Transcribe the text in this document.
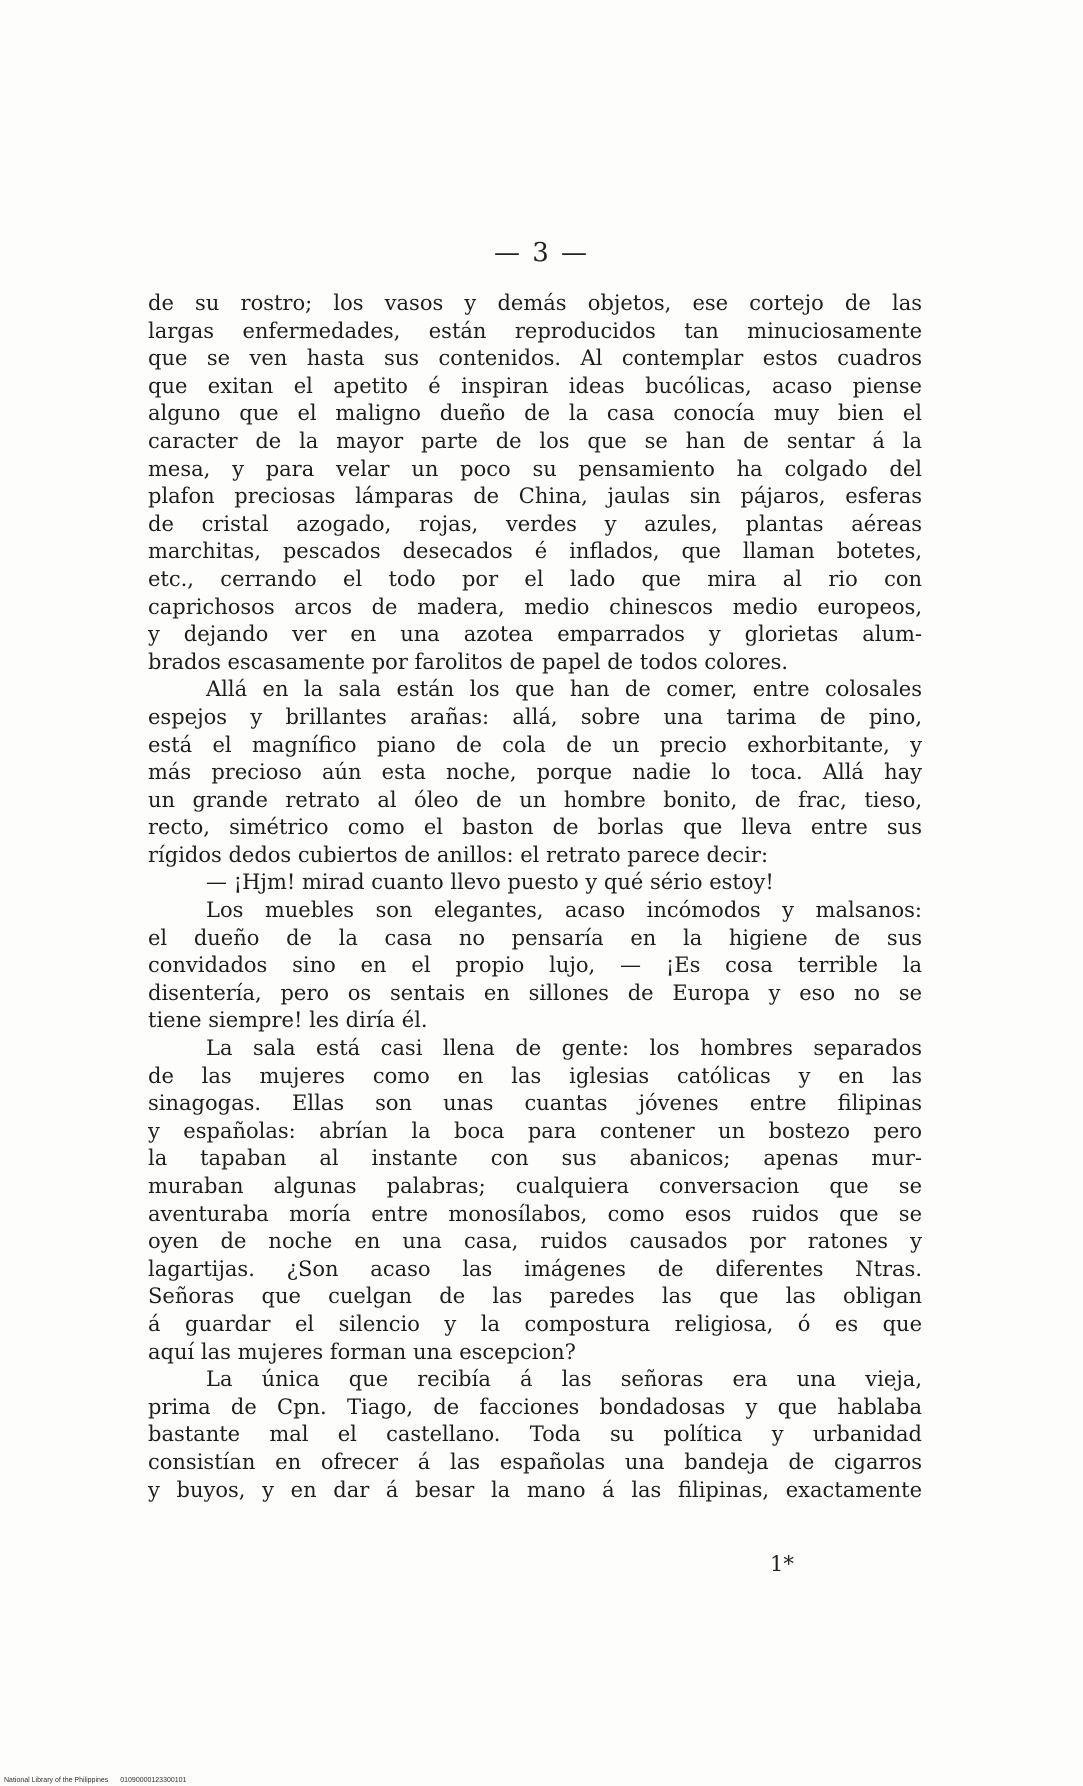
— 3 —
de su rostro; los vasos y demás objetos, ese cortejo de las
largas enfermedades, están reproducidos tan minuciosamente
que se ven hasta sus contenidos. Al contemplar estos cuadros
que exitan el apetito é inspiran ideas bucólicas, acaso piense
alguno que el maligno dueño de la casa conocía muy bien el
caracter de la mayor parte de los que se han de sentar á la
mesa, y para velar un poco su pensamiento ha colgado del
plafon preciosas lámparas de China, jaulas sin pájaros, esferas
de cristal azogado, rojas, verdes y azules, plantas aéreas
marchitas, pescados desecados é inflados, que llaman botetes,
etc., cerrando el todo por el lado que mira al rio con
caprichosos arcos de madera, medio chinescos medio europeos,
y dejando ver en una azotea emparrados y glorietas alum-
brados escasamente por farolitos de papel de todos colores.
Allá en la sala están los que han de comer, entre colosales
espejos y brillantes arañas: allá, sobre una tarima de pino,
está el magnífico piano de cola de un precio exhorbitante, y
más precioso aún esta noche, porque nadie lo toca. Allá hay
un grande retrato al óleo de un hombre bonito, de frac, tieso,
recto, simétrico como el baston de borlas que lleva entre sus
rígidos dedos cubiertos de anillos: el retrato parece decir:
— ¡Hjm! mirad cuanto llevo puesto y qué sério estoy!
Los muebles son elegantes, acaso incómodos y malsanos:
el dueño de la casa no pensaría en la higiene de sus
convidados sino en el propio lujo, — ¡Es cosa terrible la
disentería, pero os sentais en sillones de Europa y eso no se
tiene siempre! les diría él.
La sala está casi llena de gente: los hombres separados
de las mujeres como en las iglesias católicas y en las
sinagogas. Ellas son unas cuantas jóvenes entre filipinas
y españolas: abrían la boca para contener un bostezo pero
la tapaban al instante con sus abanicos; apenas mur-
muraban algunas palabras; cualquiera conversacion que se
aventuraba moría entre monosílabos, como esos ruidos que se
oyen de noche en una casa, ruidos causados por ratones y
lagartijas. ¿Son acaso las imágenes de diferentes Ntras.
Señoras que cuelgan de las paredes las que las obligan
á guardar el silencio y la compostura religiosa, ó es que
aquí las mujeres forman una escepcion?
La única que recibía á las señoras era una vieja,
prima de Cpn. Tiago, de facciones bondadosas y que hablaba
bastante mal el castellano. Toda su política y urbanidad
consistían en ofrecer á las españolas una bandeja de cigarros
y buyos, y en dar á besar la mano á las filipinas, exactamente
1*
National Library of the Philippines 01090000123300101
